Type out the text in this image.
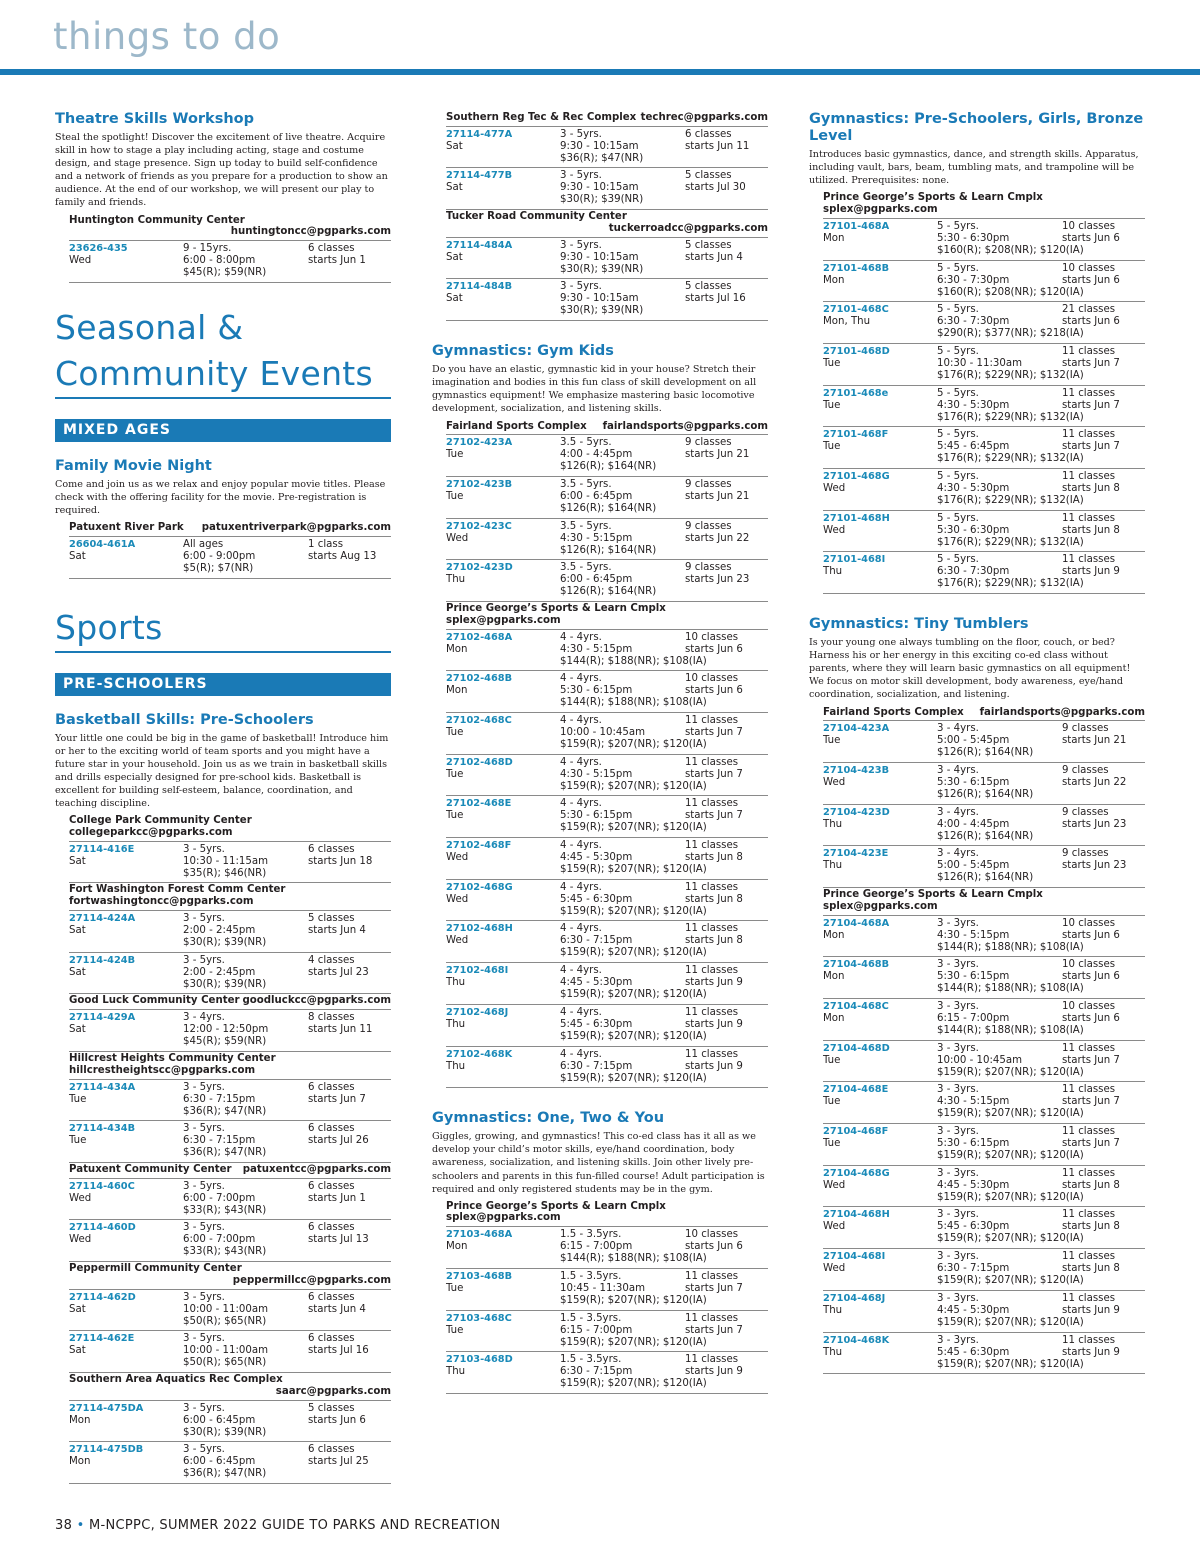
things to do
Theatre Skills Workshop
Steal the spotlight! Discover the excitement of live theatre. Acquire skill in how to stage a play including acting, stage and costume design, and stage presence. Sign up today to build self-confidence and a network of friends as you prepare for a production to show an audience. At the end of our workshop, we will present our play to family and friends.
Huntington Community Center
huntingtoncc@pgparks.com
23626-435
Wed
9 - 15yrs.
6:00 - 8:00pm
$45(R); $59(NR)
6 classes
starts Jun 1
Seasonal & Community Events
MIXED AGES
Family Movie Night
Come and join us as we relax and enjoy popular movie titles. Please check with the offering facility for the movie. Pre-registration is required.
Patuxent River Park patuxentriverpark@pgparks.com
26604-461A
Sat
All ages
6:00 - 9:00pm
$5(R); $7(NR)
1 class
starts Aug 13
Sports
PRE-SCHOOLERS
Basketball Skills: Pre-Schoolers
Your little one could be big in the game of basketball! Introduce him or her to the exciting world of team sports and you might have a future star in your household. Join us as we train in basketball skills and drills especially designed for pre-school kids. Basketball is excellent for building self-esteem, balance, coordination, and teaching discipline.
College Park Community Center
collegeparkcc@pgparks.com
27114-416E
Sat
3 - 5yrs.
10:30 - 11:15am
$35(R); $46(NR)
6 classes
starts Jun 18
Fort Washington Forest Comm Center
fortwashingtoncc@pgparks.com
27114-424A
Sat
3 - 5yrs.
2:00 - 2:45pm
$30(R); $39(NR)
5 classes
starts Jun 4
27114-424B
Sat
3 - 5yrs.
2:00 - 2:45pm
$30(R); $39(NR)
4 classes
starts Jul 23
Good Luck Community Center goodluckcc@pgparks.com
27114-429A
Sat
3 - 4yrs.
12:00 - 12:50pm
$45(R); $59(NR)
8 classes
starts Jun 11
Hillcrest Heights Community Center
hillcrestheightscc@pgparks.com
27114-434A
Tue
3 - 5yrs.
6:30 - 7:15pm
$36(R); $47(NR)
6 classes
starts Jun 7
27114-434B
Tue
3 - 5yrs.
6:30 - 7:15pm
$36(R); $47(NR)
6 classes
starts Jul 26
Patuxent Community Center patuxentcc@pgparks.com
27114-460C
Wed
3 - 5yrs.
6:00 - 7:00pm
$33(R); $43(NR)
6 classes
starts Jun 1
27114-460D
Wed
3 - 5yrs.
6:00 - 7:00pm
$33(R); $43(NR)
6 classes
starts Jul 13
Peppermill Community Center
peppermillcc@pgparks.com
27114-462D
Sat
3 - 5yrs.
10:00 - 11:00am
$50(R); $65(NR)
6 classes
starts Jun 4
27114-462E
Sat
3 - 5yrs.
10:00 - 11:00am
$50(R); $65(NR)
6 classes
starts Jul 16
Southern Area Aquatics Rec Complex
saarc@pgparks.com
27114-475DA
Mon
3 - 5yrs.
6:00 - 6:45pm
$30(R); $39(NR)
5 classes
starts Jun 6
27114-475DB
Mon
3 - 5yrs.
6:00 - 6:45pm
$36(R); $47(NR)
6 classes
starts Jul 25
Southern Reg Tec & Rec Complex techrec@pgparks.com
27114-477A
Sat
3 - 5yrs.
9:30 - 10:15am
$36(R); $47(NR)
6 classes
starts Jun 11
27114-477B
Sat
3 - 5yrs.
9:30 - 10:15am
$30(R); $39(NR)
5 classes
starts Jul 30
Tucker Road Community Center
tuckerroadcc@pgparks.com
27114-484A
Sat
3 - 5yrs.
9:30 - 10:15am
$30(R); $39(NR)
5 classes
starts Jun 4
27114-484B
Sat
3 - 5yrs.
9:30 - 10:15am
$30(R); $39(NR)
5 classes
starts Jul 16
Gymnastics: Gym Kids
Do you have an elastic, gymnastic kid in your house? Stretch their imagination and bodies in this fun class of skill development on all gymnastics equipment! We emphasize mastering basic locomotive development, socialization, and listening skills.
Fairland Sports Complex fairlandsports@pgparks.com
27102-423A
Tue
3.5 - 5yrs.
4:00 - 4:45pm
$126(R); $164(NR)
9 classes
starts Jun 21
27102-423B
Tue
3.5 - 5yrs.
6:00 - 6:45pm
$126(R); $164(NR)
9 classes
starts Jun 21
27102-423C
Wed
3.5 - 5yrs.
4:30 - 5:15pm
$126(R); $164(NR)
9 classes
starts Jun 22
27102-423D
Thu
3.5 - 5yrs.
6:00 - 6:45pm
$126(R); $164(NR)
9 classes
starts Jun 23
Prince George’s Sports & Learn Cmplx
splex@pgparks.com
27102-468A
Mon
4 - 4yrs.
4:30 - 5:15pm
$144(R); $188(NR); $108(IA)
10 classes
starts Jun 6
27102-468B
Mon
4 - 4yrs.
5:30 - 6:15pm
$144(R); $188(NR); $108(IA)
10 classes
starts Jun 6
27102-468C
Tue
4 - 4yrs.
10:00 - 10:45am
$159(R); $207(NR); $120(IA)
11 classes
starts Jun 7
27102-468D
Tue
4 - 4yrs.
4:30 - 5:15pm
$159(R); $207(NR); $120(IA)
11 classes
starts Jun 7
27102-468E
Tue
4 - 4yrs.
5:30 - 6:15pm
$159(R); $207(NR); $120(IA)
11 classes
starts Jun 7
27102-468F
Wed
4 - 4yrs.
4:45 - 5:30pm
$159(R); $207(NR); $120(IA)
11 classes
starts Jun 8
27102-468G
Wed
4 - 4yrs.
5:45 - 6:30pm
$159(R); $207(NR); $120(IA)
11 classes
starts Jun 8
27102-468H
Wed
4 - 4yrs.
6:30 - 7:15pm
$159(R); $207(NR); $120(IA)
11 classes
starts Jun 8
27102-468I
Thu
4 - 4yrs.
4:45 - 5:30pm
$159(R); $207(NR); $120(IA)
11 classes
starts Jun 9
27102-468J
Thu
4 - 4yrs.
5:45 - 6:30pm
$159(R); $207(NR); $120(IA)
11 classes
starts Jun 9
27102-468K
Thu
4 - 4yrs.
6:30 - 7:15pm
$159(R); $207(NR); $120(IA)
11 classes
starts Jun 9
Gymnastics: One, Two & You
Giggles, growing, and gymnastics! This co-ed class has it all as we develop your child’s motor skills, eye/hand coordination, body awareness, socialization, and listening skills. Join other lively pre-schoolers and parents in this fun-filled course! Adult participation is required and only registered students may be in the gym.
Prince George’s Sports & Learn Cmplx
splex@pgparks.com
27103-468A
Mon
1.5 - 3.5yrs.
6:15 - 7:00pm
$144(R); $188(NR); $108(IA)
10 classes
starts Jun 6
27103-468B
Tue
1.5 - 3.5yrs.
10:45 - 11:30am
$159(R); $207(NR); $120(IA)
11 classes
starts Jun 7
27103-468C
Tue
1.5 - 3.5yrs.
6:15 - 7:00pm
$159(R); $207(NR); $120(IA)
11 classes
starts Jun 7
27103-468D
Thu
1.5 - 3.5yrs.
6:30 - 7:15pm
$159(R); $207(NR); $120(IA)
11 classes
starts Jun 9
Gymnastics: Pre-Schoolers, Girls, Bronze Level
Introduces basic gymnastics, dance, and strength skills. Apparatus, including vault, bars, beam, tumbling mats, and trampoline will be utilized. Prerequisites: none.
Prince George’s Sports & Learn Cmplx
splex@pgparks.com
27101-468A
Mon
5 - 5yrs.
5:30 - 6:30pm
$160(R); $208(NR); $120(IA)
10 classes
starts Jun 6
27101-468B
Mon
5 - 5yrs.
6:30 - 7:30pm
$160(R); $208(NR); $120(IA)
10 classes
starts Jun 6
27101-468C
Mon, Thu
5 - 5yrs.
6:30 - 7:30pm
$290(R); $377(NR); $218(IA)
21 classes
starts Jun 6
27101-468D
Tue
5 - 5yrs.
10:30 - 11:30am
$176(R); $229(NR); $132(IA)
11 classes
starts Jun 7
27101-468e
Tue
5 - 5yrs.
4:30 - 5:30pm
$176(R); $229(NR); $132(IA)
11 classes
starts Jun 7
27101-468F
Tue
5 - 5yrs.
5:45 - 6:45pm
$176(R); $229(NR); $132(IA)
11 classes
starts Jun 7
27101-468G
Wed
5 - 5yrs.
4:30 - 5:30pm
$176(R); $229(NR); $132(IA)
11 classes
starts Jun 8
27101-468H
Wed
5 - 5yrs.
5:30 - 6:30pm
$176(R); $229(NR); $132(IA)
11 classes
starts Jun 8
27101-468I
Thu
5 - 5yrs.
6:30 - 7:30pm
$176(R); $229(NR); $132(IA)
11 classes
starts Jun 9
Gymnastics: Tiny Tumblers
Is your young one always tumbling on the floor, couch, or bed? Harness his or her energy in this exciting co-ed class without parents, where they will learn basic gymnastics on all equipment! We focus on motor skill development, body awareness, eye/hand coordination, socialization, and listening.
Fairland Sports Complex fairlandsports@pgparks.com
27104-423A
Tue
3 - 4yrs.
5:00 - 5:45pm
$126(R); $164(NR)
9 classes
starts Jun 21
27104-423B
Wed
3 - 4yrs.
5:30 - 6:15pm
$126(R); $164(NR)
9 classes
starts Jun 22
27104-423D
Thu
3 - 4yrs.
4:00 - 4:45pm
$126(R); $164(NR)
9 classes
starts Jun 23
27104-423E
Thu
3 - 4yrs.
5:00 - 5:45pm
$126(R); $164(NR)
9 classes
starts Jun 23
Prince George’s Sports & Learn Cmplx
splex@pgparks.com
27104-468A
Mon
3 - 3yrs.
4:30 - 5:15pm
$144(R); $188(NR); $108(IA)
10 classes
starts Jun 6
27104-468B
Mon
3 - 3yrs.
5:30 - 6:15pm
$144(R); $188(NR); $108(IA)
10 classes
starts Jun 6
27104-468C
Mon
3 - 3yrs.
6:15 - 7:00pm
$144(R); $188(NR); $108(IA)
10 classes
starts Jun 6
27104-468D
Tue
3 - 3yrs.
10:00 - 10:45am
$159(R); $207(NR); $120(IA)
11 classes
starts Jun 7
27104-468E
Tue
3 - 3yrs.
4:30 - 5:15pm
$159(R); $207(NR); $120(IA)
11 classes
starts Jun 7
27104-468F
Tue
3 - 3yrs.
5:30 - 6:15pm
$159(R); $207(NR); $120(IA)
11 classes
starts Jun 7
27104-468G
Wed
3 - 3yrs.
4:45 - 5:30pm
$159(R); $207(NR); $120(IA)
11 classes
starts Jun 8
27104-468H
Wed
3 - 3yrs.
5:45 - 6:30pm
$159(R); $207(NR); $120(IA)
11 classes
starts Jun 8
27104-468I
Wed
3 - 3yrs.
6:30 - 7:15pm
$159(R); $207(NR); $120(IA)
11 classes
starts Jun 8
27104-468J
Thu
3 - 3yrs.
4:45 - 5:30pm
$159(R); $207(NR); $120(IA)
11 classes
starts Jun 9
27104-468K
Thu
3 - 3yrs.
5:45 - 6:30pm
$159(R); $207(NR); $120(IA)
11 classes
starts Jun 9
38 • M-NCPPC, SUMMER 2022 GUIDE TO PARKS AND RECREATION
